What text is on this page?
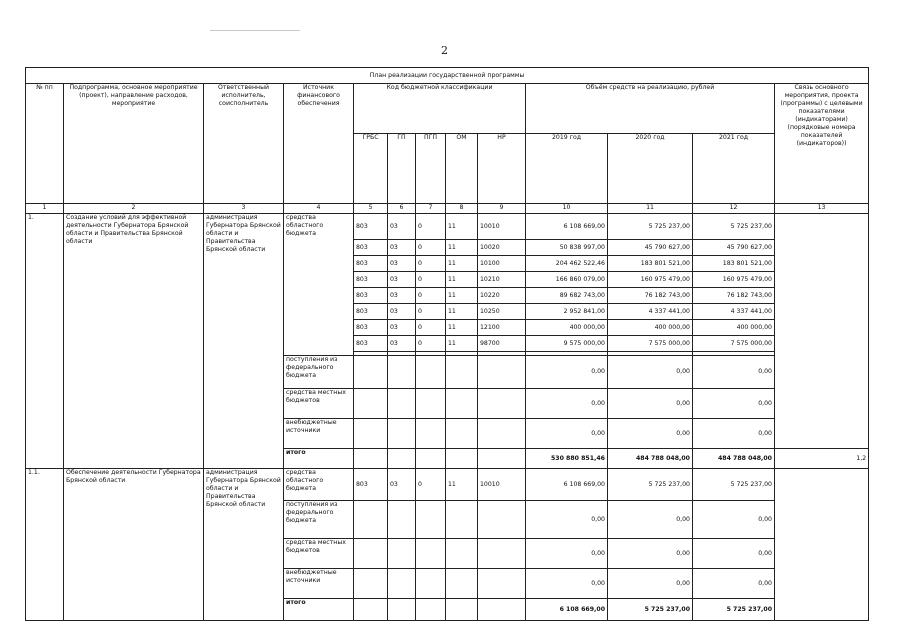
2
План реализации государственной программы												
№ пп	Подпрограмма, основное мероприятие (проект), направление расходов, мероприятие	Ответственный исполнитель, соисполнитель	Источник финансового обеспечения	Код бюджетной классификации					Объём средств на реализацию, рублей			Связь основного мероприятия, проекта (программы) с целевыми показателями (индикаторами) (порядковые номера показателей (индикаторов))
				ГРБС	ГП	ПГП	ОМ	НР	2019 год	2020 год	2021 год	
1	2	3	4	5	6	7	8	9	10	11	12	13
1.	Создание условий для эффективной деятельности Губернатора Брянской области и Правительства Брянской области	администрация Губернатора Брянской области и Правительства Брянской области	средства областного бюджета	803	03	0	11	10010	6 108 669,00	5 725 237,00	5 725 237,00	
				803	03	0	11	10020	50 838 997,00	45 790 627,00	45 790 627,00	
				803	03	0	11	10100	204 462 522,46	183 801 521,00	183 801 521,00	
				803	03	0	11	10210	166 860 079,00	160 975 479,00	160 975 479,00	
				803	03	0	11	10220	89 682 743,00	76 182 743,00	76 182 743,00	
				803	03	0	11	10250	2 952 841,00	4 337 441,00	4 337 441,00	
				803	03	0	11	12100	400 000,00	400 000,00	400 000,00	
				803	03	0	11	98700	9 575 000,00	7 575 000,00	7 575 000,00	

			поступления из федерального бюджета						0,00	0,00	0,00	
			средства местных бюджетов						0,00	0,00	0,00	
			внебюджетные источники						0,00	0,00	0,00	
			итого						530 880 851,46	484 788 048,00	484 788 048,00	1,2
1.1.	Обеспечение деятельности Губернатора Брянской области	администрация Губернатора Брянской области и Правительства Брянской области	средства областного бюджета	803	03	0	11	10010	6 108 669,00	5 725 237,00	5 725 237,00	
			поступления из федерального бюджета						0,00	0,00	0,00	
			средства местных бюджетов						0,00	0,00	0,00	
			внебюджетные источники						0,00	0,00	0,00	
			итого						6 108 669,00	5 725 237,00	5 725 237,00	
